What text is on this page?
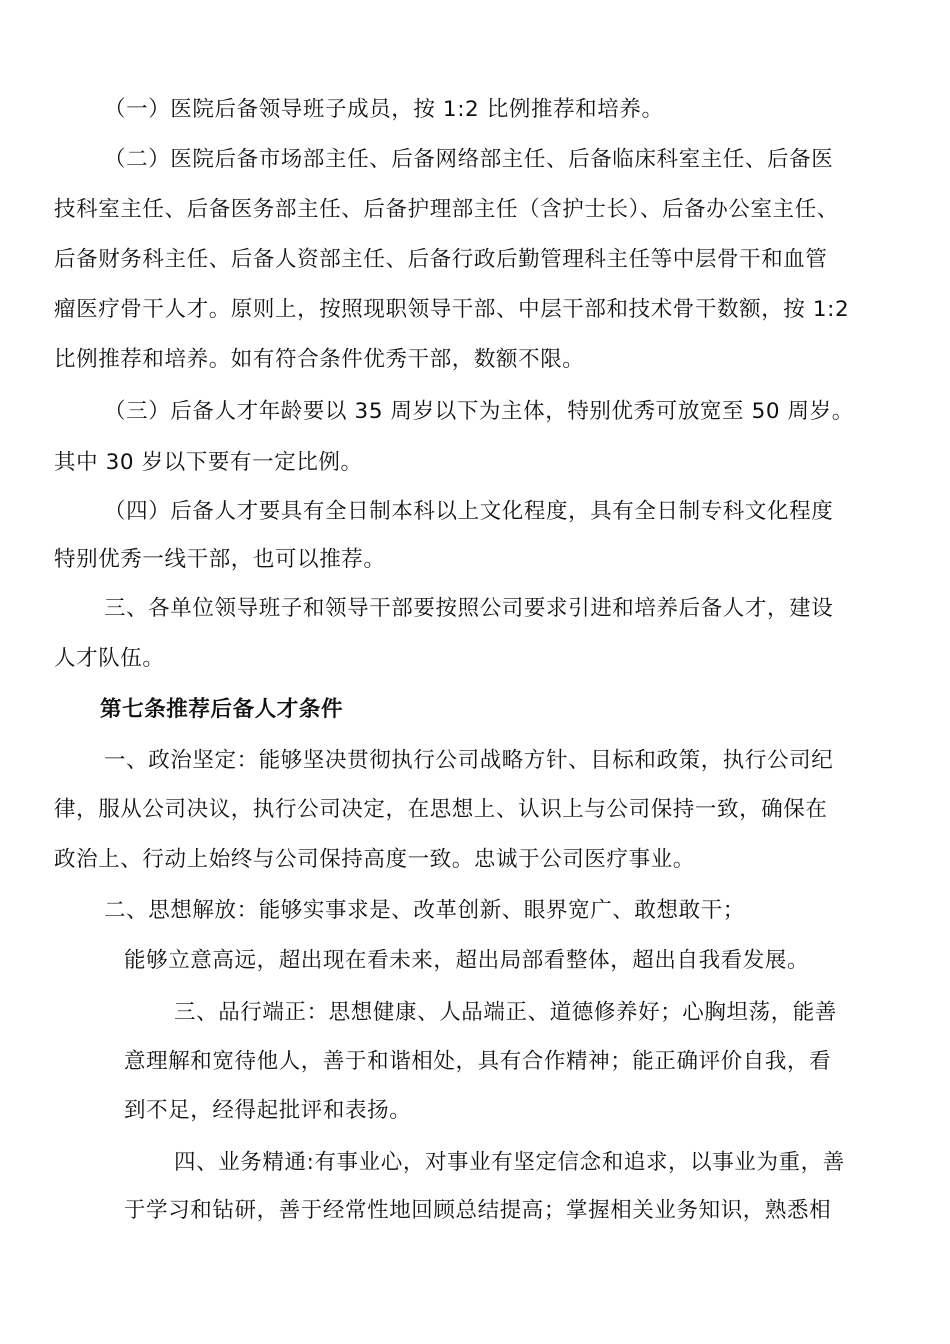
（一）医院后备领导班子成员，按 1:2 比例推荐和培养。
（二）医院后备市场部主任、后备网络部主任、后备临床科室主任、后备医
技科室主任、后备医务部主任、后备护理部主任（含护士长）、后备办公室主任、
后备财务科主任、后备人资部主任、后备行政后勤管理科主任等中层骨干和血管
瘤医疗骨干人才。原则上，按照现职领导干部、中层干部和技术骨干数额，按 1:2
比例推荐和培养。如有符合条件优秀干部，数额不限。
（三）后备人才年龄要以 35 周岁以下为主体，特别优秀可放宽至 50 周岁。
其中 30 岁以下要有一定比例。
（四）后备人才要具有全日制本科以上文化程度，具有全日制专科文化程度
特别优秀一线干部，也可以推荐。
三、各单位领导班子和领导干部要按照公司要求引进和培养后备人才，建设
人才队伍。
第七条推荐后备人才条件
一、政治坚定：能够坚决贯彻执行公司战略方针、目标和政策，执行公司纪
律，服从公司决议，执行公司决定，在思想上、认识上与公司保持一致，确保在
政治上、行动上始终与公司保持高度一致。忠诚于公司医疗事业。
二、思想解放：能够实事求是、改革创新、眼界宽广、敢想敢干；
能够立意高远，超出现在看未来，超出局部看整体，超出自我看发展。
三、品行端正：思想健康、人品端正、道德修养好；心胸坦荡，能善
意理解和宽待他人，善于和谐相处，具有合作精神；能正确评价自我，看
到不足，经得起批评和表扬。
四、业务精通:有事业心，对事业有坚定信念和追求，以事业为重，善
于学习和钻研，善于经常性地回顾总结提高；掌握相关业务知识，熟悉相
